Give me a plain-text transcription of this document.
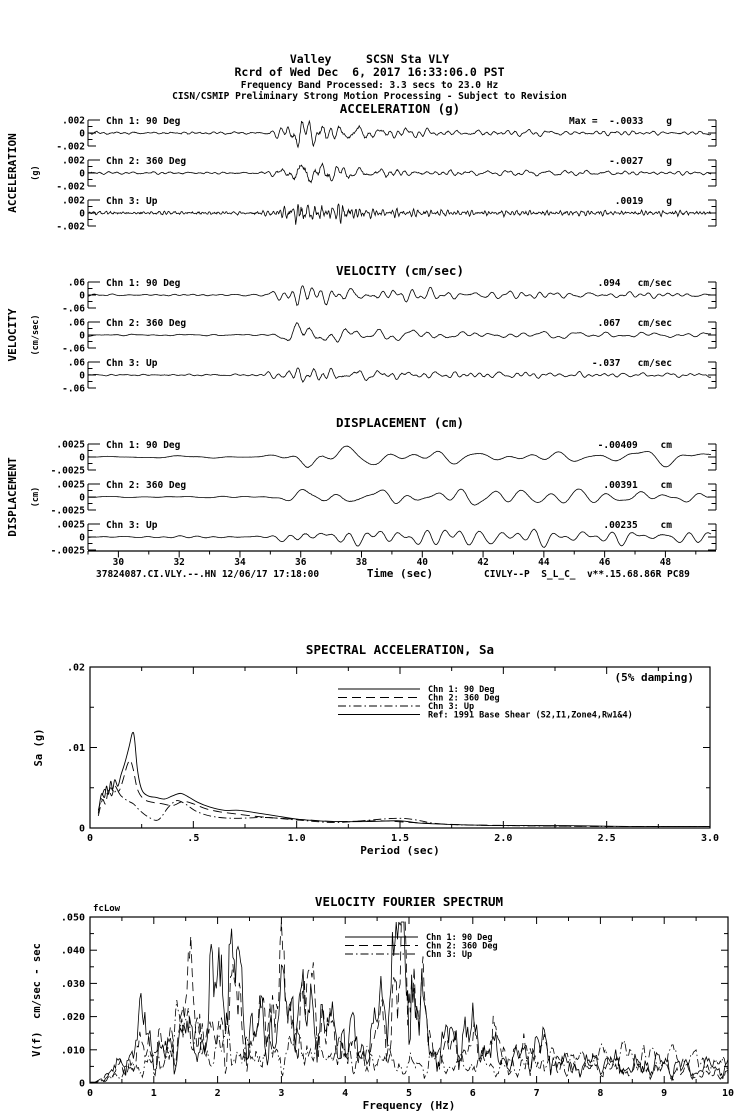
Valley     SCSN Sta VLY
Rcrd of Wed Dec  6, 2017 16:33:06.0 PST
Frequency Band Processed: 3.3 secs to 23.0 Hz
CISN/CSMIP Preliminary Strong Motion Processing - Subject to Revision
ACCELERATION (g)
ACCELERATION (g)
.002
0
-.002
Chn 1: 90 Deg	Max =  -.0033    g
.002
0
-.002
Chn 2: 360 Deg	-.0027    g
.002
0
-.002
Chn 3: Up	.0019    g
VELOCITY (cm/sec)
VELOCITY (cm/sec)
.06
0
-.06
Chn 1: 90 Deg	.094   cm/sec
.06
0
-.06
Chn 2: 360 Deg	.067   cm/sec
.06
0
-.06
Chn 3: Up	-.037   cm/sec
DISPLACEMENT (cm)
DISPLACEMENT (cm)
.0025
0
-.0025
Chn 1: 90 Deg	-.00409    cm
.0025
0
-.0025
Chn 2: 360 Deg	.00391    cm
.0025
0
-.0025
Chn 3: Up	.00235    cm
30	32	34	36	38	40	42	44	46	48
Time (sec)
37824087.CI.VLY.--.HN 12/06/17 17:18:00	CIVLY--P  S_L_C_  v**.15.68.86R PC89
SPECTRAL ACCELERATION, Sa
.02
.01
0
0	.5	1.0	1.5	2.0	2.5	3.0
Period (sec)
Sa (g)
(5% damping)
Chn 1: 90 Deg
Chn 2: 360 Deg
Chn 3: Up
Ref: 1991 Base Shear (S2,I1,Zone4,Rw1&4)
VELOCITY FOURIER SPECTRUM
fcLow
.050
.040
.030
.020
.010
0
0	1	2	3	4	5	6	7	8	9	10
Frequency (Hz)
V(f)  cm/sec - sec
Chn 1: 90 Deg
Chn 2: 360 Deg
Chn 3: Up
